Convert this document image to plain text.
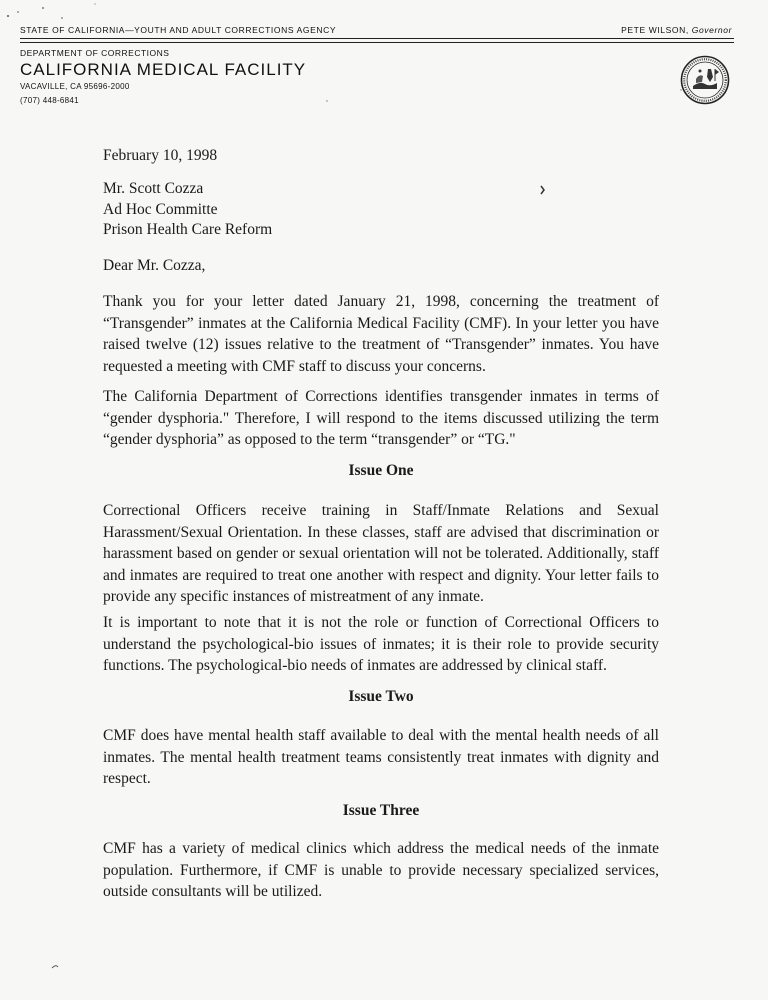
STATE OF CALIFORNIA—YOUTH AND ADULT CORRECTIONS AGENCY	PETE WILSON, Governor
DEPARTMENT OF CORRECTIONS
CALIFORNIA MEDICAL FACILITY
VACAVILLE, CA 95696-2000
(707) 448-6841

February 10, 1998

Mr. Scott Cozza

Ad Hoc Committe

Prison Health Care Reform

Dear Mr. Cozza,

Thank you for your letter dated January 21, 1998, concerning the treatment of “Transgender” inmates at the California Medical Facility (CMF). In your letter you have raised twelve (12) issues relative to the treatment of “Transgender” inmates. You have requested a meeting with CMF staff to discuss your concerns.

The California Department of Corrections identifies transgender inmates in terms of “gender dysphoria." Therefore, I will respond to the items discussed utilizing the term “gender dysphoria” as opposed to the term “transgender” or “TG."

Issue One

Correctional Officers receive training in Staff/Inmate Relations and Sexual Harassment/Sexual Orientation. In these classes, staff are advised that discrimination or harassment based on gender or sexual orientation will not be tolerated. Additionally, staff and inmates are required to treat one another with respect and dignity. Your letter fails to provide any specific instances of mistreatment of any inmate.

It is important to note that it is not the role or function of Correctional Officers to understand the psychological-bio issues of inmates; it is their role to provide security functions. The psychological-bio needs of inmates are addressed by clinical staff.

Issue Two

CMF does have mental health staff available to deal with the mental health needs of all inmates. The mental health treatment teams consistently treat inmates with dignity and respect.

Issue Three

CMF has a variety of medical clinics which address the medical needs of the inmate population. Furthermore, if CMF is unable to provide necessary specialized services, outside consultants will be utilized.
